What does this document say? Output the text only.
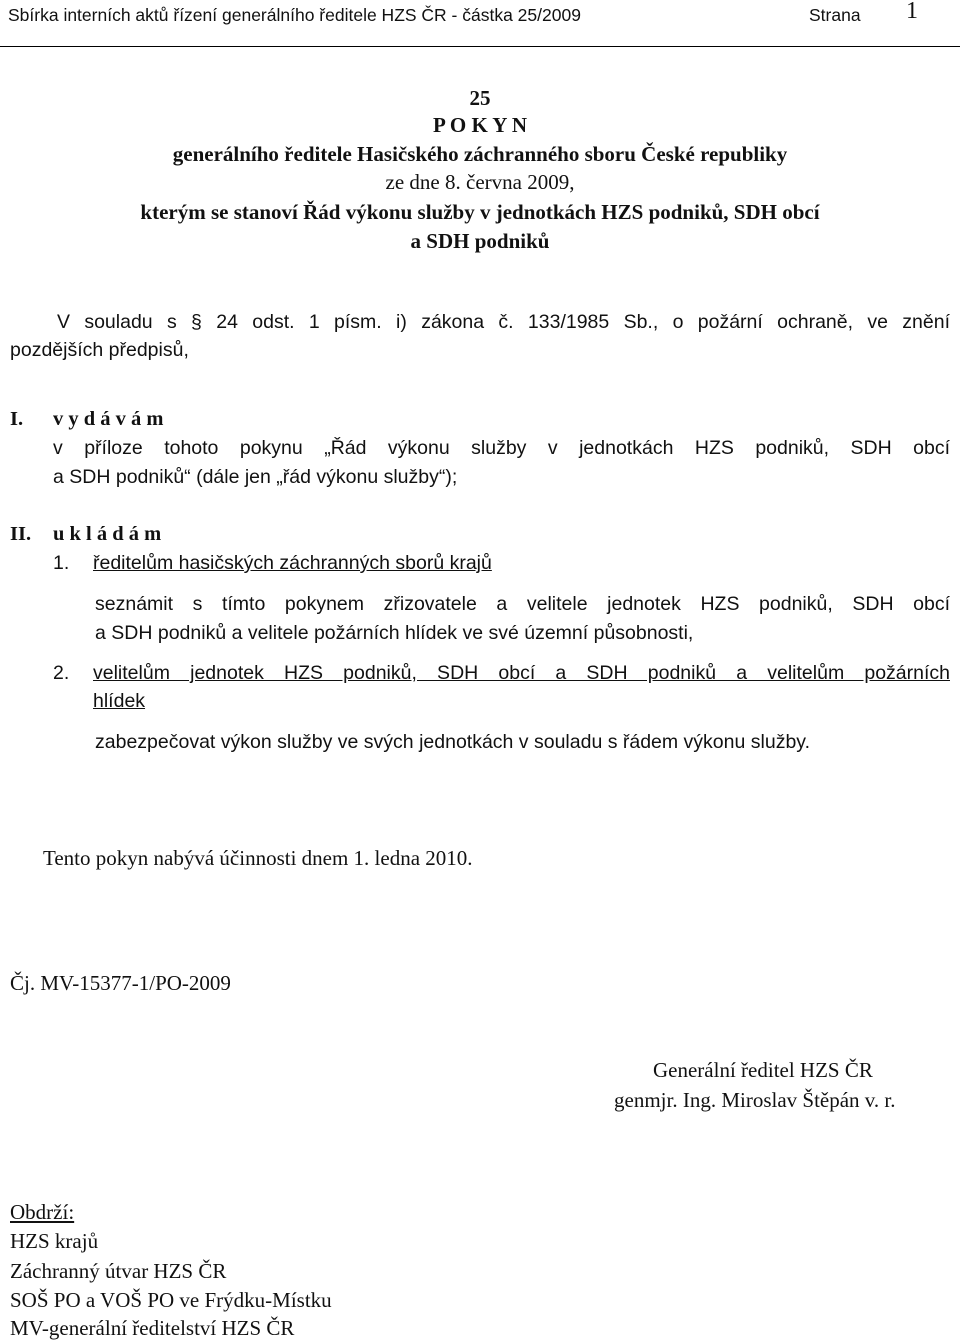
Sbírka interních aktů řízení generálního ředitele HZS ČR - částka 25/2009	Strana 1
25
P O K Y N
generálního ředitele Hasičského záchranného sboru České republiky
ze dne 8. června 2009,
kterým se stanoví Řád výkonu služby v jednotkách HZS podniků, SDH obcí
a SDH podniků
V souladu s § 24 odst. 1 písm. i) zákona č. 133/1985 Sb., o požární ochraně, ve znění
pozdějších předpisů,
I. v y d á v á m
v příloze tohoto pokynu „Řád výkonu služby v jednotkách HZS podniků, SDH obcí
a SDH podniků“ (dále jen „řád výkonu služby“);
II. u k l á d á m
1. ředitelům hasičských záchranných sborů krajů
seznámit s tímto pokynem zřizovatele a velitele jednotek HZS podniků, SDH obcí
a SDH podniků a velitele požárních hlídek ve své územní působnosti,
2. velitelům jednotek HZS podniků, SDH obcí a SDH podniků a velitelům požárních
hlídek
zabezpečovat výkon služby ve svých jednotkách v souladu s řádem výkonu služby.
Tento pokyn nabývá účinnosti dnem 1. ledna 2010.
Čj. MV-15377-1/PO-2009
Generální ředitel HZS ČR
genmjr. Ing. Miroslav Štěpán v. r.
Obdrží:
HZS krajů
Záchranný útvar HZS ČR
SOŠ PO a VOŠ PO ve Frýdku-Místku
MV-generální ředitelství HZS ČR
